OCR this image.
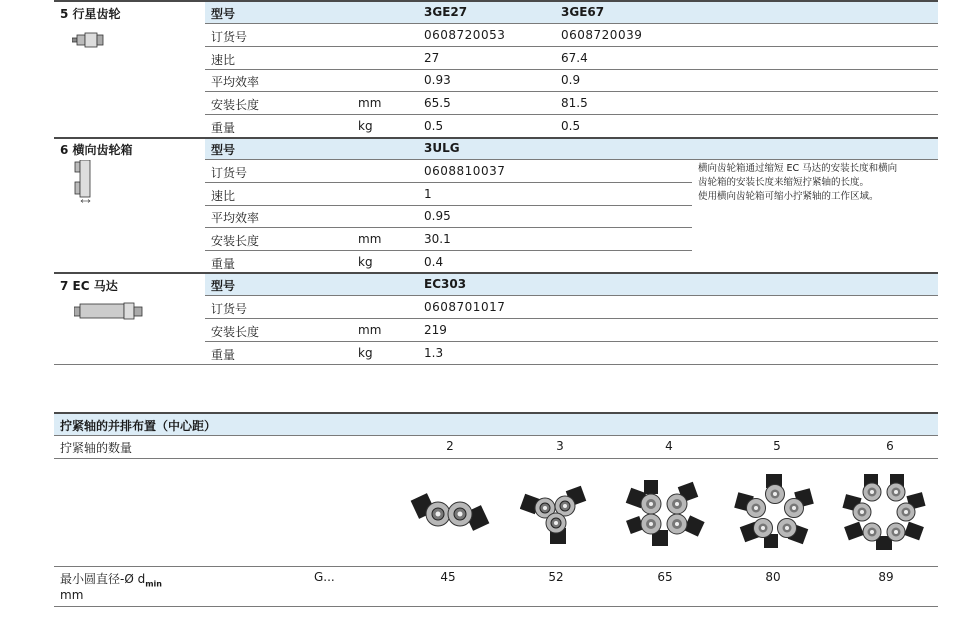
5 行星齿轮	型号	3GE27	3GE67
订货号	0608720053	0608720039
速比	27	67.4
平均效率	0.93	0.9
安装长度	mm	65.5	81.5
重量	kg	0.5	0.5
6 横向齿轮箱	型号	3ULG
订货号	0608810037
速比	1
平均效率	0.95
安装长度	mm	30.1
重量	kg	0.4
横向齿轮箱通过缩短 EC 马达的安装长度和横向
齿轮箱的安装长度来缩短拧紧轴的长度。
使用横向齿轮箱可缩小拧紧轴的工作区域。
7 EC 马达	型号	EC303
订货号	0608701017
安装长度	mm	219
重量	kg	1.3
拧紧轴的并排布置（中心距）
拧紧轴的数量	2	3	4	5	6
最小圆直径-Ø $d_{min}$
mm
G...	45	52	65	80	89
